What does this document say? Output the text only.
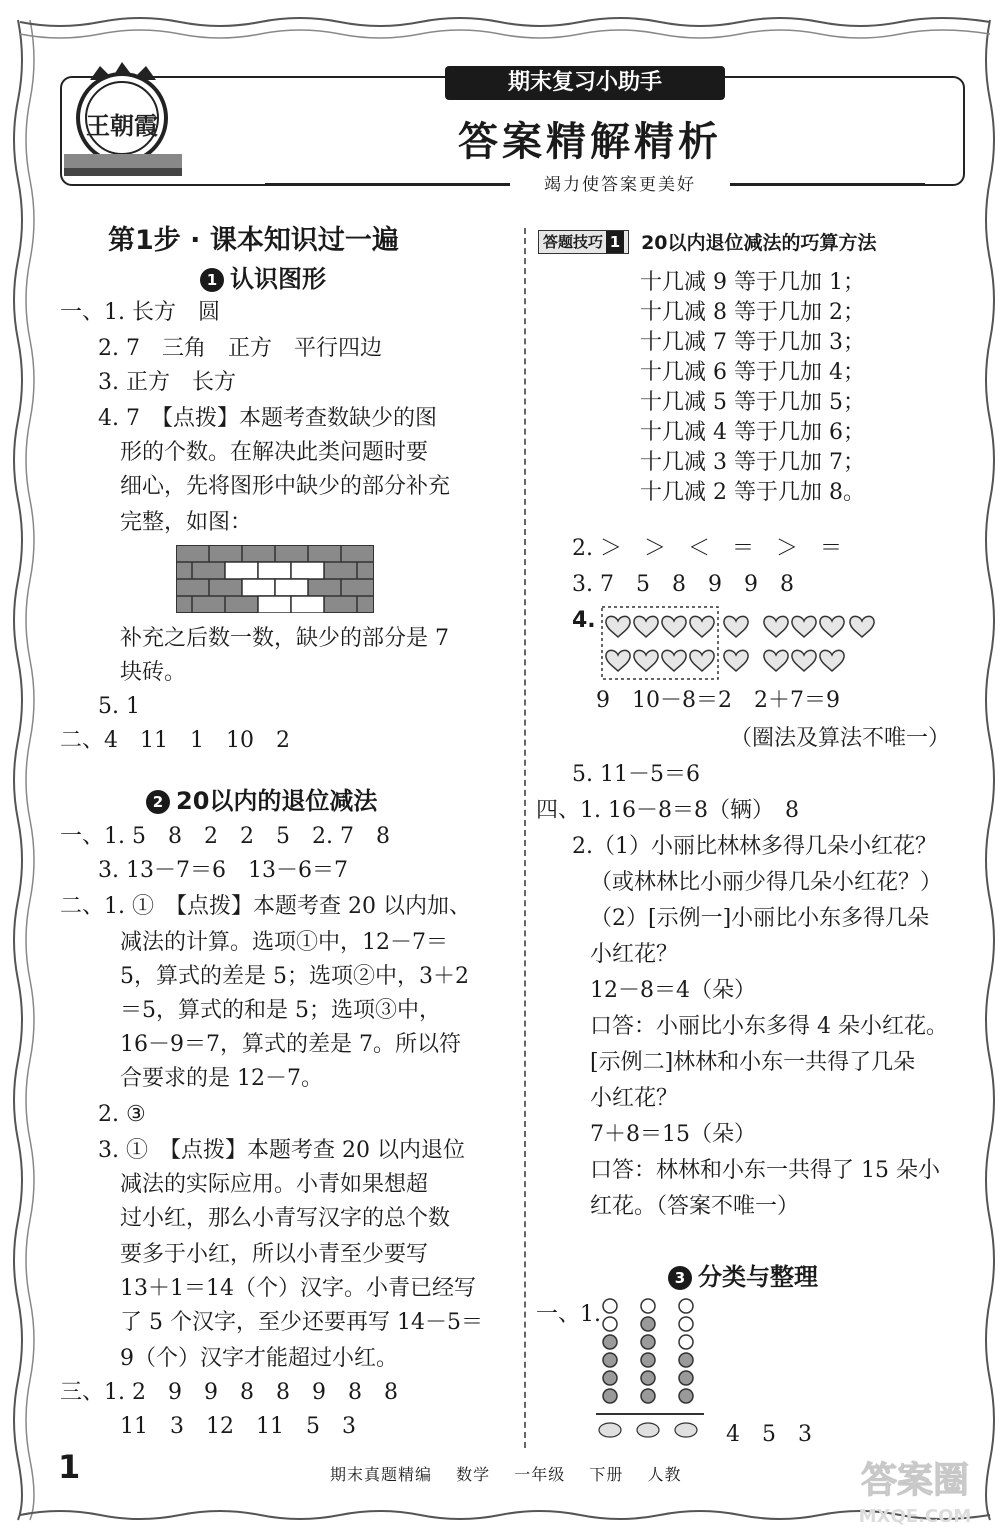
王朝霞
期末复习小助手
答案精解精析
竭力使答案更美好
第1步 · 课本知识过一遍
1 认识图形
一、1. 长方　圆
2. 7　三角　正方　平行四边
3. 正方　长方
4. 7　【点拨】本题考查数缺少的图
形的个数。在解决此类问题时要
细心，先将图形中缺少的部分补充
完整，如图：
补充之后数一数，缺少的部分是 7
块砖。
5. 1
二、4　11　1　10　2
2 20以内的退位减法
一、1. 5　8　2　2　5　2. 7　8
3. 13－7＝6　13－6＝7
二、1. ①　【点拨】本题考查 20 以内加、
减法的计算。选项①中，12－7＝
5，算式的差是 5；选项②中，3＋2
＝5，算式的和是 5；选项③中，
16－9＝7，算式的差是 7。所以符
合要求的是 12－7。
2. ③
3. ①　【点拨】本题考查 20 以内退位
减法的实际应用。小青如果想超
过小红，那么小青写汉字的总个数
要多于小红，所以小青至少要写
13＋1＝14（个）汉字。小青已经写
了 5 个汉字，至少还要再写 14－5＝
9（个）汉字才能超过小红。
三、1. 2　9　9　8　8　9　8　8
11　3　12　11　5　3
答题技巧 1 20以内退位减法的巧算方法
十几减 9 等于几加 1；
十几减 8 等于几加 2；
十几减 7 等于几加 3；
十几减 6 等于几加 4；
十几减 5 等于几加 5；
十几减 4 等于几加 6；
十几减 3 等于几加 7；
十几减 2 等于几加 8。
2. ＞　＞　＜　＝　＞　＝
3. 7　5　8　9　9　8
4.
9　10－8＝2　2＋7＝9
（圈法及算法不唯一）
5. 11－5＝6
四、1. 16－8＝8（辆）　8
2.（1）小丽比林林多得几朵小红花？
（或林林比小丽少得几朵小红花？）
（2）[示例一]小丽比小东多得几朵
小红花？
12－8＝4（朵）
口答：小丽比小东多得 4 朵小红花。
[示例二]林林和小东一共得了几朵
小红花？
7＋8＝15（朵）
口答：林林和小东一共得了 15 朵小
红花。（答案不唯一）
3 分类与整理
一、1.
4　5　3
1	期末真题精编 数学 一年级 下册 人教	答案圈
MXQE.COM
